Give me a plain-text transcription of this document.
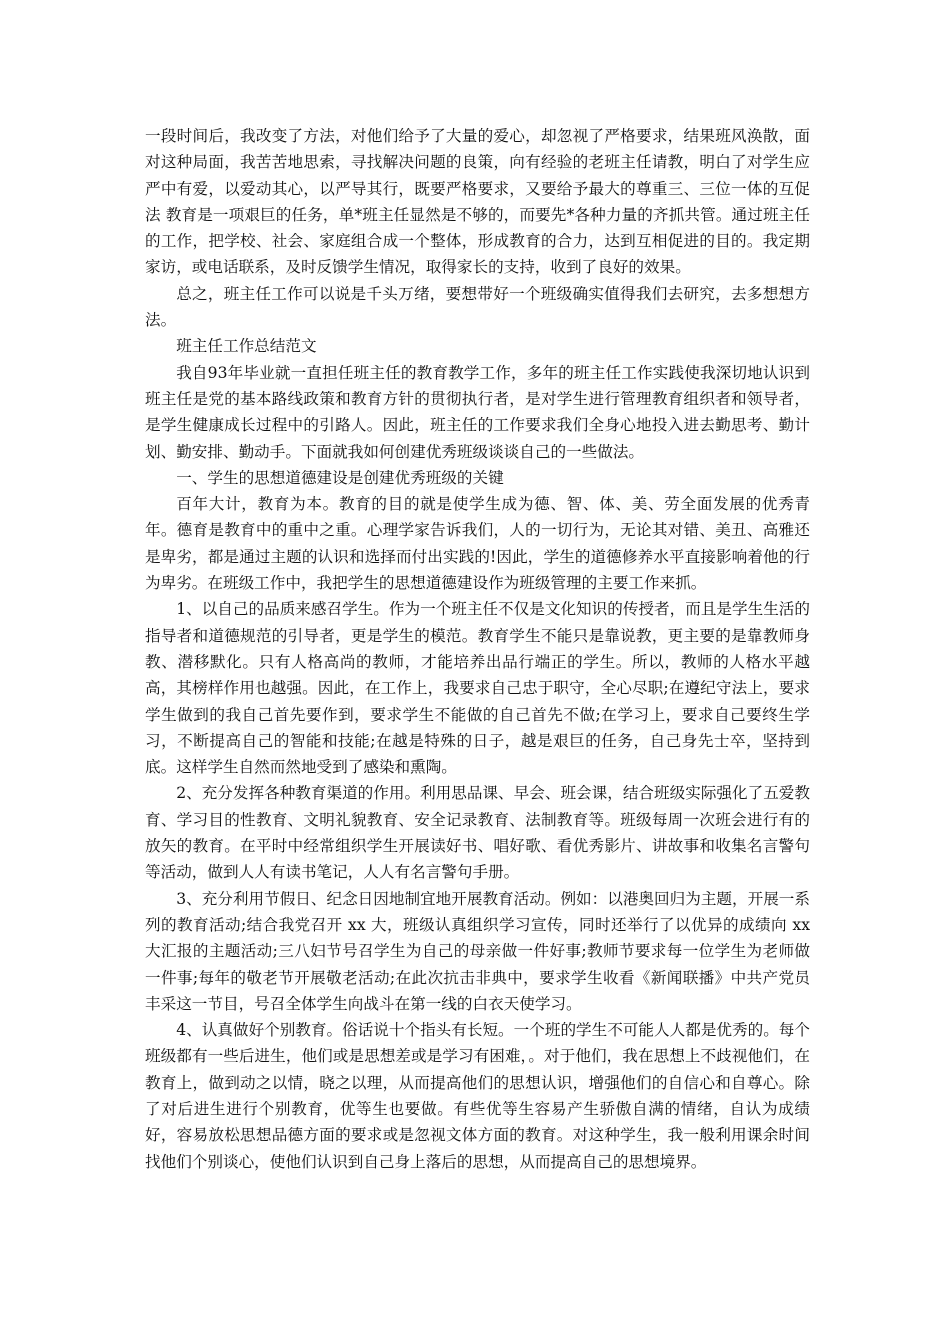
一段时间后，我改变了方法，对他们给予了大量的爱心，却忽视了严格要求，结果班风涣散，面对这种局面，我苦苦地思索，寻找解决问题的良策，向有经验的老班主任请教，明白了对学生应严中有爱，以爱动其心，以严导其行，既要严格要求，又要给予最大的尊重三、三位一体的互促法 教育是一项艰巨的任务，单*班主任显然是不够的，而要先*各种力量的齐抓共管。通过班主任的工作，把学校、社会、家庭组合成一个整体，形成教育的合力，达到互相促进的目的。我定期家访，或电话联系，及时反馈学生情况，取得家长的支持，收到了良好的效果。

总之，班主任工作可以说是千头万绪，要想带好一个班级确实值得我们去研究，去多想想方法。

班主任工作总结范文

我自93年毕业就一直担任班主任的教育教学工作，多年的班主任工作实践使我深切地认识到班主任是党的基本路线政策和教育方针的贯彻执行者，是对学生进行管理教育组织者和领导者，是学生健康成长过程中的引路人。因此，班主任的工作要求我们全身心地投入进去勤思考、勤计划、勤安排、勤动手。下面就我如何创建优秀班级谈谈自己的一些做法。

一、学生的思想道德建设是创建优秀班级的关键

百年大计，教育为本。教育的目的就是使学生成为德、智、体、美、劳全面发展的优秀青年。德育是教育中的重中之重。心理学家告诉我们，人的一切行为，无论其对错、美丑、高雅还是卑劣，都是通过主题的认识和选择而付出实践的!因此，学生的道德修养水平直接影响着他的行为卑劣。在班级工作中，我把学生的思想道德建设作为班级管理的主要工作来抓。

1、以自己的品质来感召学生。作为一个班主任不仅是文化知识的传授者，而且是学生生活的指导者和道德规范的引导者，更是学生的模范。教育学生不能只是靠说教，更主要的是靠教师身教、潜移默化。只有人格高尚的教师，才能培养出品行端正的学生。所以，教师的人格水平越高，其榜样作用也越强。因此，在工作上，我要求自己忠于职守，全心尽职;在遵纪守法上，要求学生做到的我自己首先要作到，要求学生不能做的自己首先不做;在学习上，要求自己要终生学习，不断提高自己的智能和技能;在越是特殊的日子，越是艰巨的任务，自己身先士卒，坚持到底。这样学生自然而然地受到了感染和熏陶。

2、充分发挥各种教育渠道的作用。利用思品课、早会、班会课，结合班级实际强化了五爱教育、学习目的性教育、文明礼貌教育、安全记录教育、法制教育等。班级每周一次班会进行有的放矢的教育。在平时中经常组织学生开展读好书、唱好歌、看优秀影片、讲故事和收集名言警句等活动，做到人人有读书笔记，人人有名言警句手册。

3、充分利用节假日、纪念日因地制宜地开展教育活动。例如：以港奥回归为主题，开展一系列的教育活动;结合我党召开 xx 大，班级认真组织学习宣传，同时还举行了以优异的成绩向 xx 大汇报的主题活动;三八妇节号召学生为自己的母亲做一件好事;教师节要求每一位学生为老师做一件事;每年的敬老节开展敬老活动;在此次抗击非典中，要求学生收看《新闻联播》中共产党员丰采这一节目，号召全体学生向战斗在第一线的白衣天使学习。

4、认真做好个别教育。俗话说十个指头有长短。一个班的学生不可能人人都是优秀的。每个班级都有一些后进生，他们或是思想差或是学习有困难，。对于他们，我在思想上不歧视他们，在教育上，做到动之以情，晓之以理，从而提高他们的思想认识，增强他们的自信心和自尊心。除了对后进生进行个别教育，优等生也要做。有些优等生容易产生骄傲自满的情绪，自认为成绩好，容易放松思想品德方面的要求或是忽视文体方面的教育。对这种学生，我一般利用课余时间找他们个别谈心，使他们认识到自己身上落后的思想，从而提高自己的思想境界。
